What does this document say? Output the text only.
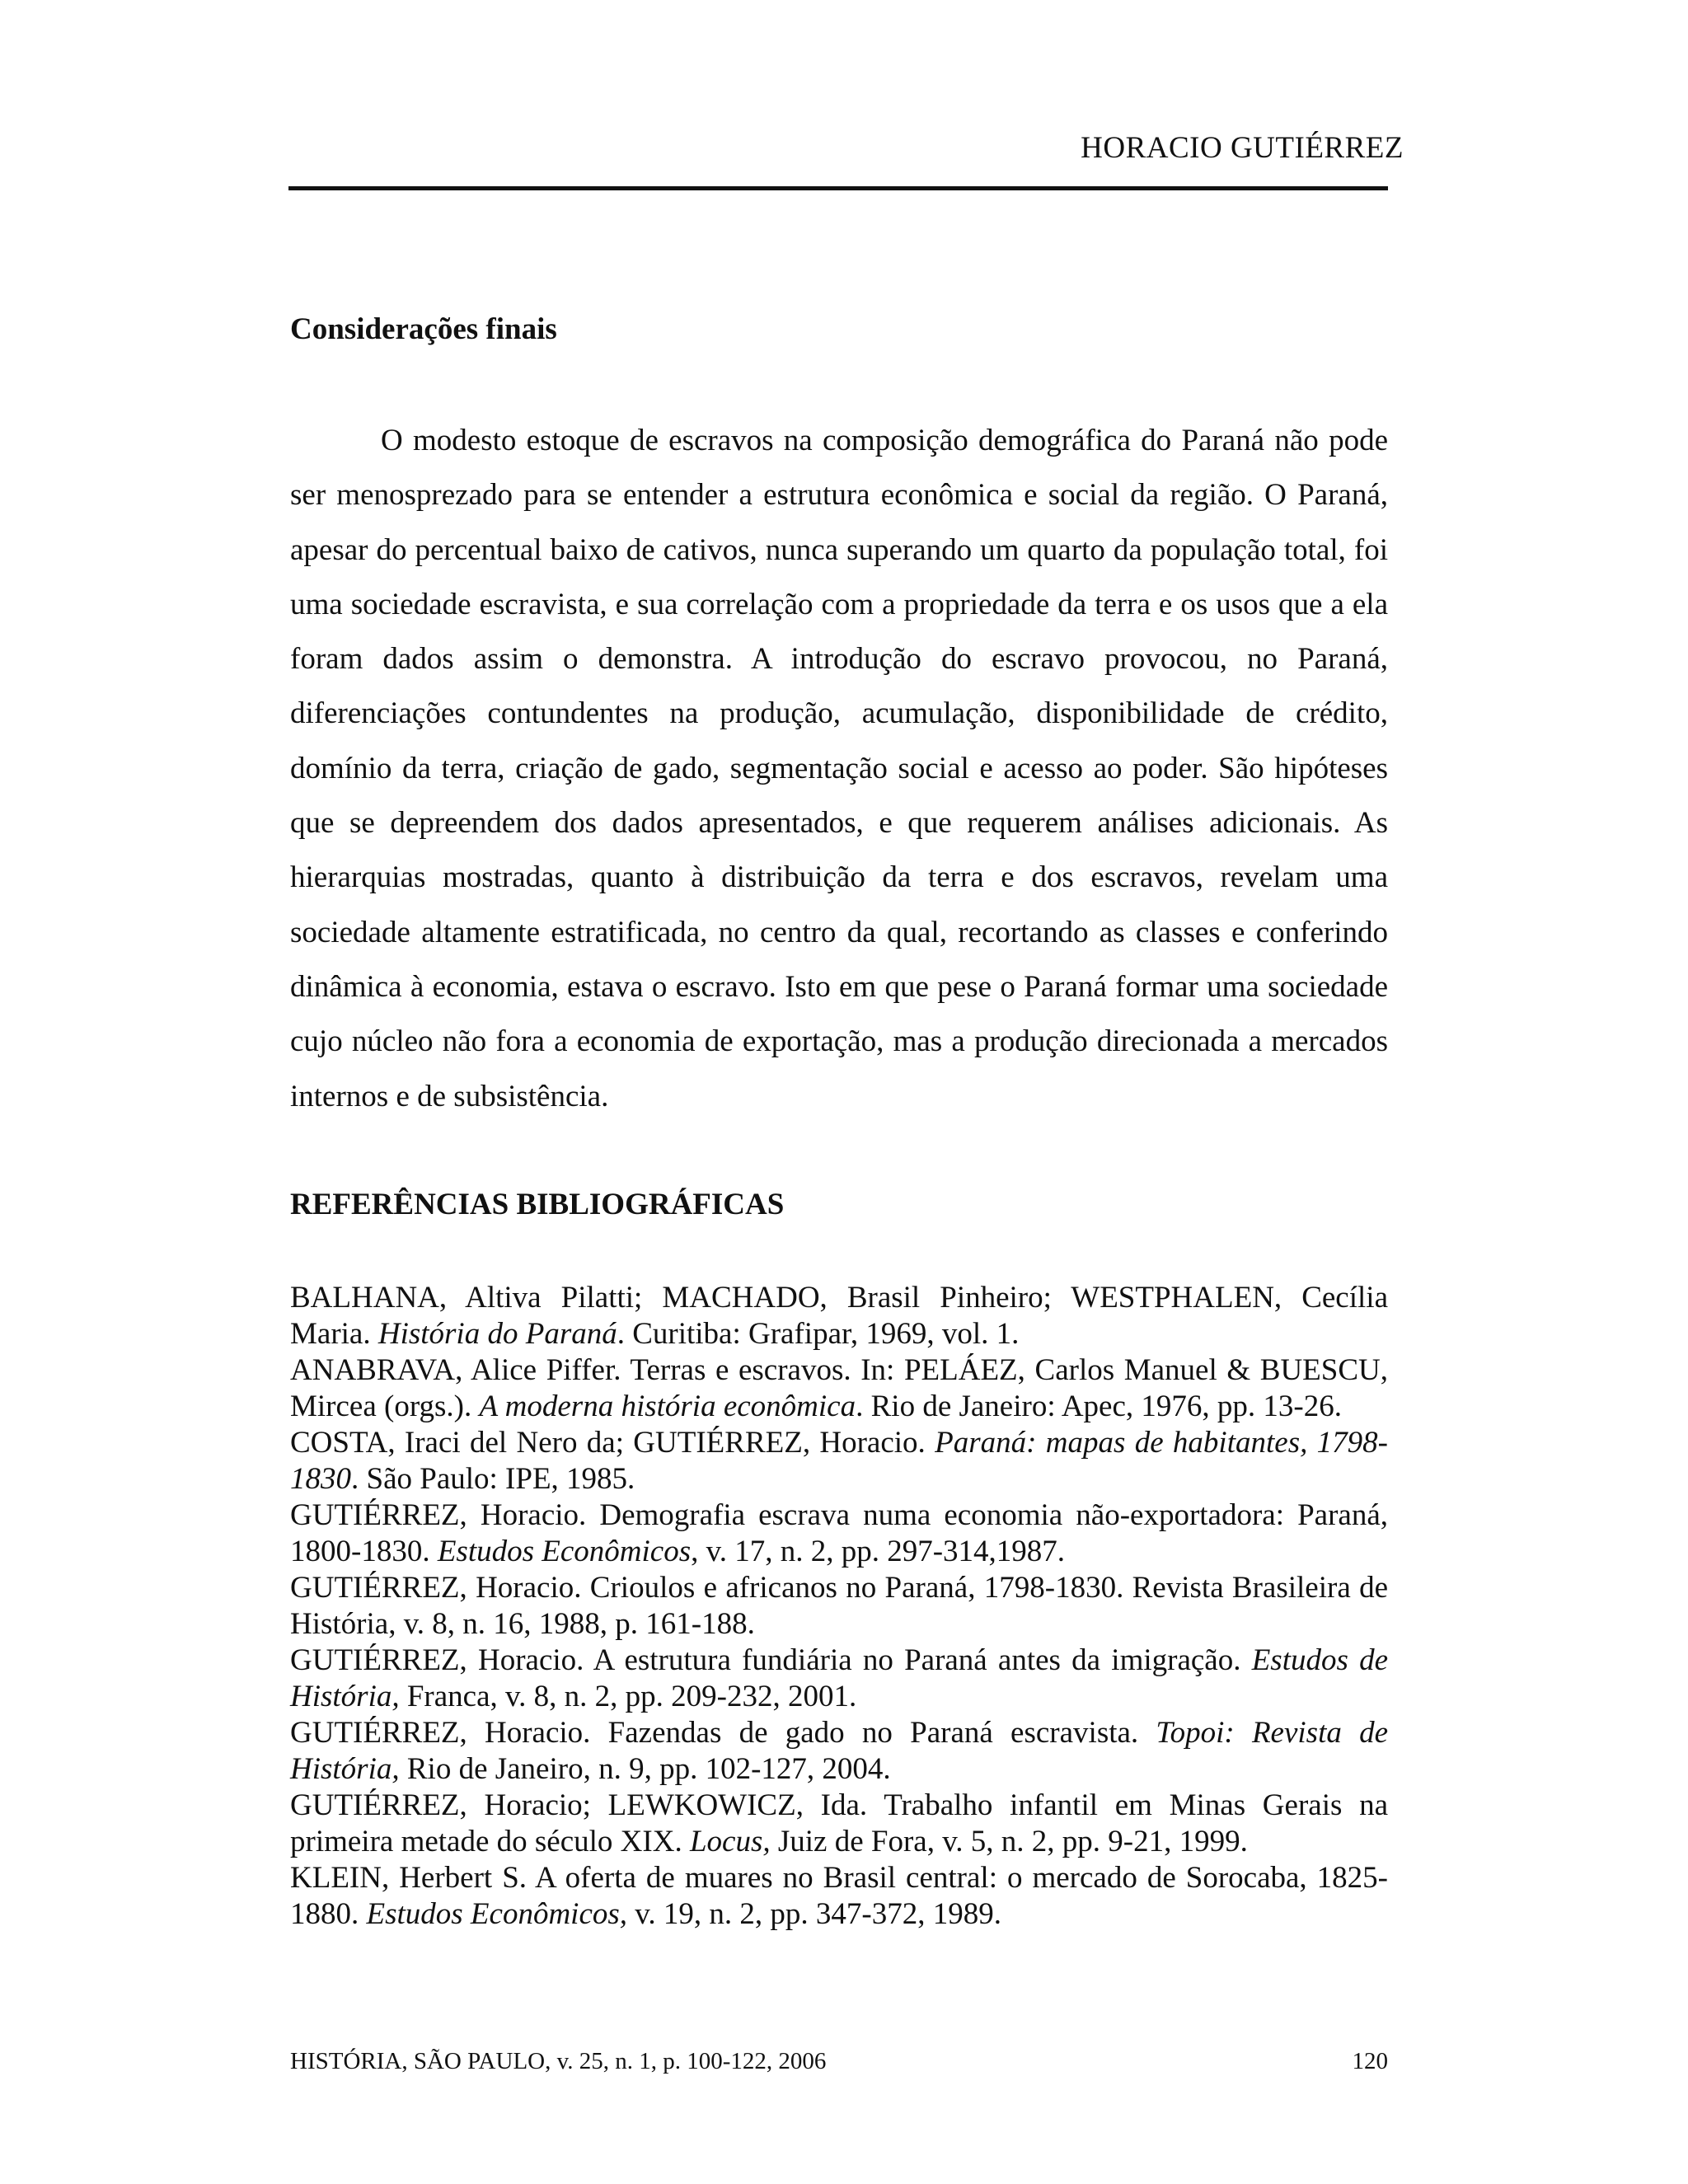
HORACIO GUTIÉRREZ
Considerações finais

O modesto estoque de escravos na composição demográfica do Paraná não pode ser menosprezado para se entender a estrutura econômica e social da região. O Paraná, apesar do percentual baixo de cativos, nunca superando um quarto da população total, foi uma sociedade escravista, e sua correlação com a propriedade da terra e os usos que a ela foram dados assim o demonstra. A introdução do escravo provocou, no Paraná, diferenciações contundentes na produção, acumulação, disponibilidade de crédito, domínio da terra, criação de gado, segmentação social e acesso ao poder. São hipóteses que se depreendem dos dados apresentados, e que requerem análises adicionais. As hierarquias mostradas, quanto à distribuição da terra e dos escravos, revelam uma sociedade altamente estratificada, no centro da qual, recortando as classes e conferindo dinâmica à economia, estava o escravo. Isto em que pese o Paraná formar uma sociedade cujo núcleo não fora a economia de exportação, mas a produção direcionada a mercados internos e de subsistência.

REFERÊNCIAS BIBLIOGRÁFICAS
BALHANA, Altiva Pilatti; MACHADO, Brasil Pinheiro; WESTPHALEN, Cecília Maria. História do Paraná. Curitiba: Grafipar, 1969, vol. 1.
ANABRAVA, Alice Piffer. Terras e escravos. In: PELÁEZ, Carlos Manuel & BUESCU, Mircea (orgs.). A moderna história econômica. Rio de Janeiro: Apec, 1976, pp. 13-26.
COSTA, Iraci del Nero da; GUTIÉRREZ, Horacio. Paraná: mapas de habitantes, 1798-1830. São Paulo: IPE, 1985.
GUTIÉRREZ, Horacio. Demografia escrava numa economia não-exportadora: Paraná, 1800-1830. Estudos Econômicos, v. 17, n. 2, pp. 297-314,1987.
GUTIÉRREZ, Horacio. Crioulos e africanos no Paraná, 1798-1830. Revista Brasileira de História, v. 8, n. 16, 1988, p. 161-188.
GUTIÉRREZ, Horacio. A estrutura fundiária no Paraná antes da imigração. Estudos de História, Franca, v. 8, n. 2, pp. 209-232, 2001.
GUTIÉRREZ, Horacio. Fazendas de gado no Paraná escravista. Topoi: Revista de História, Rio de Janeiro, n. 9, pp. 102-127, 2004.
GUTIÉRREZ, Horacio; LEWKOWICZ, Ida. Trabalho infantil em Minas Gerais na primeira metade do século XIX. Locus, Juiz de Fora, v. 5, n. 2, pp. 9-21, 1999.
KLEIN, Herbert S. A oferta de muares no Brasil central: o mercado de Sorocaba, 1825-1880. Estudos Econômicos, v. 19, n. 2, pp. 347-372, 1989.
HISTÓRIA, SÃO PAULO, v. 25, n. 1, p. 100-122, 2006	120
